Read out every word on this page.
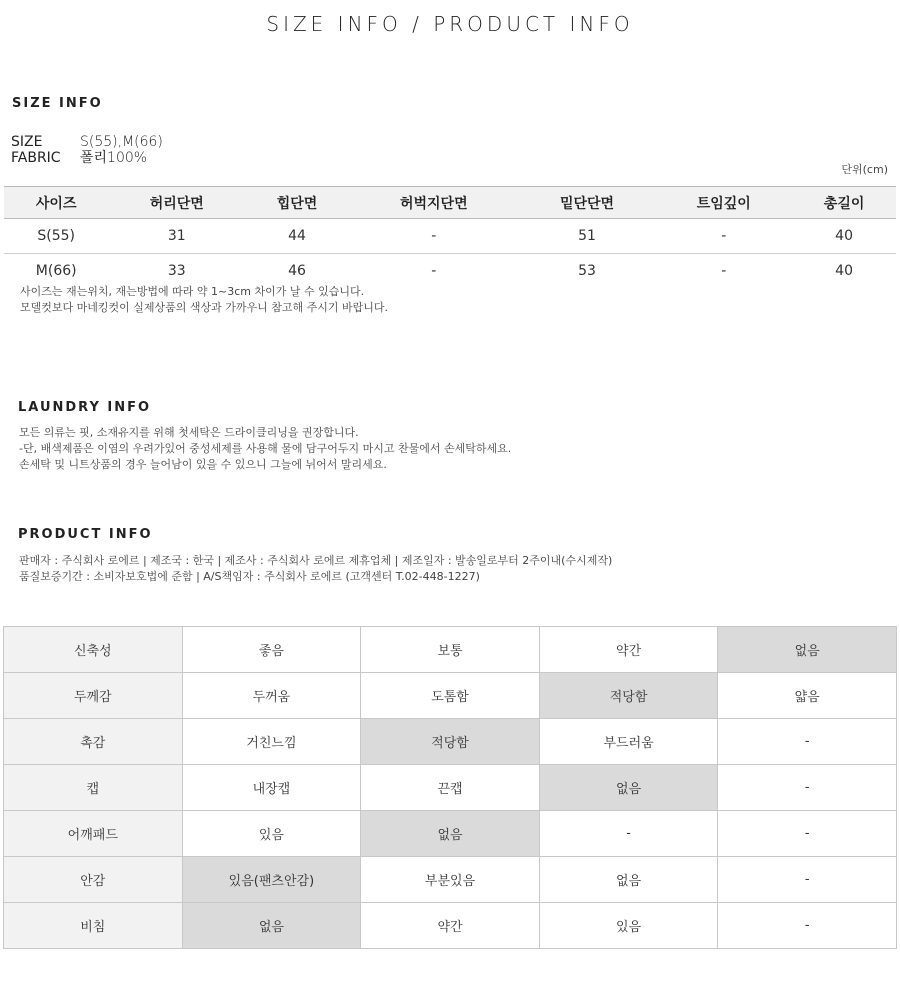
SIZE INFO / PRODUCT INFO
SIZE INFO
SIZE	S(55),M(66)
FABRIC	폴리100%
단위(cm)
사이즈	허리단면	힙단면	허벅지단면	밑단단면	트임깊이	총길이
S(55)	31	44	-	51	-	40
M(66)	33	46	-	53	-	40
사이즈는 재는위치, 재는방법에 따라 약 1~3cm 차이가 날 수 있습니다.
모델컷보다 마네킹컷이 실제상품의 색상과 가까우니 참고해 주시기 바랍니다.
LAUNDRY INFO
모든 의류는 핏, 소재유지를 위해 첫세탁은 드라이클리닝을 권장합니다.
-단, 배색제품은 이염의 우려가있어 중성세제를 사용해 물에 담구어두지 마시고 찬물에서 손세탁하세요.
손세탁 및 니트상품의 경우 늘어남이 있을 수 있으니 그늘에 뉘어서 말리세요.
PRODUCT INFO
판매자 : 주식회사 로에르 | 제조국 : 한국 | 제조사 : 주식회사 로에르 제휴업체 | 제조일자 : 발송일로부터 2주이내(수시제작)
품질보증기간 : 소비자보호법에 준함 | A/S책임자 : 주식회사 로에르 (고객센터 T.02-448-1227)
신축성	좋음	보통	약간	없음
두께감	두꺼움	도톰함	적당함	얇음
촉감	거친느낌	적당함	부드러움	-
캡	내장캡	끈캡	없음	-
어깨패드	있음	없음	-	-
안감	있음(팬츠안감)	부분있음	없음	-
비침	없음	약간	있음	-
